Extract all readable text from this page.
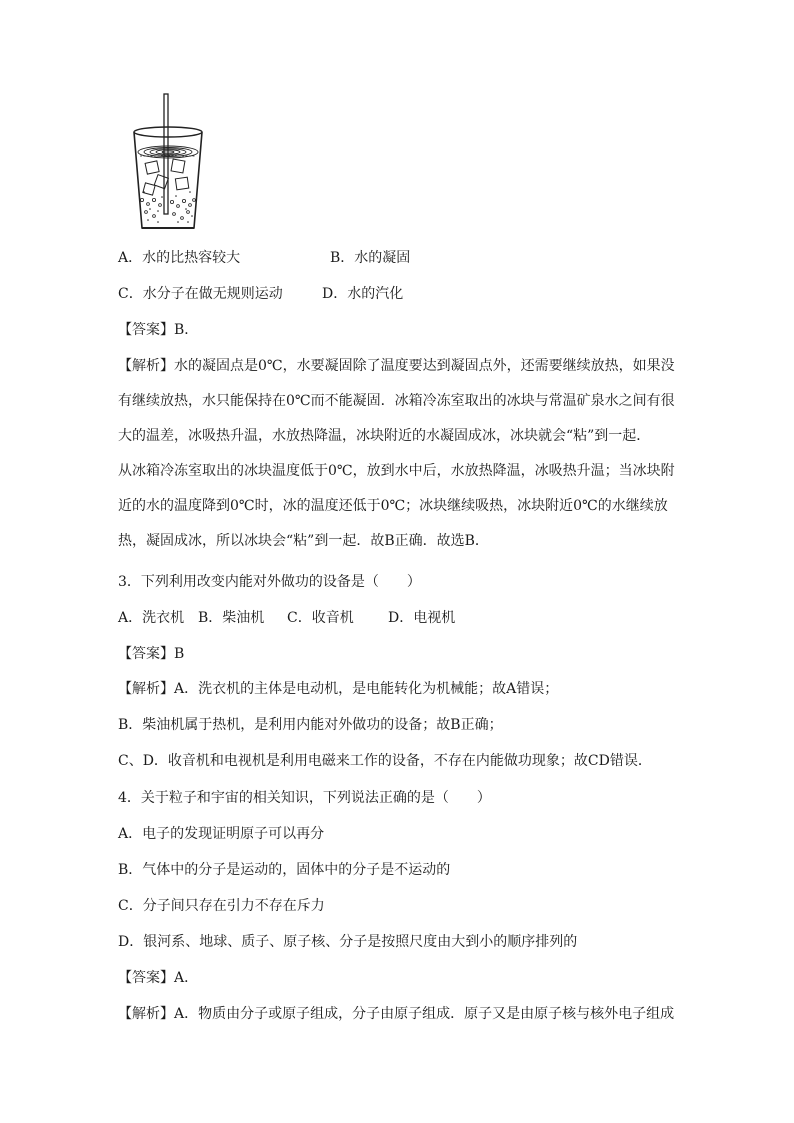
A．水的比热容较大	B．水的凝固
C．水分子在做无规则运动	D．水的汽化
【答案】B．
【解析】水的凝固点是0℃，水要凝固除了温度要达到凝固点外，还需要继续放热，如果没
有继续放热，水只能保持在0℃而不能凝固．冰箱冷冻室取出的冰块与常温矿泉水之间有很
大的温差，冰吸热升温，水放热降温，冰块附近的水凝固成冰，冰块就会“粘”到一起．
从冰箱冷冻室取出的冰块温度低于0℃，放到水中后，水放热降温，冰吸热升温；当冰块附
近的水的温度降到0℃时，冰的温度还低于0℃；冰块继续吸热，冰块附近0℃的水继续放
热，凝固成冰，所以冰块会“粘”到一起．故B正确．故选B．
3．下列利用改变内能对外做功的设备是（　　）
A．洗衣机 B．柴油机 C．收音机 D．电视机
【答案】B
【解析】A．洗衣机的主体是电动机，是电能转化为机械能；故A错误；
B．柴油机属于热机，是利用内能对外做功的设备；故B正确；
C、D．收音机和电视机是利用电磁来工作的设备，不存在内能做功现象；故CD错误．
4．关于粒子和宇宙的相关知识，下列说法正确的是（　　）
A．电子的发现证明原子可以再分
B．气体中的分子是运动的，固体中的分子是不运动的
C．分子间只存在引力不存在斥力
D．银河系、地球、质子、原子核、分子是按照尺度由大到小的顺序排列的
【答案】A．
【解析】A．物质由分子或原子组成，分子由原子组成．原子又是由原子核与核外电子组成
